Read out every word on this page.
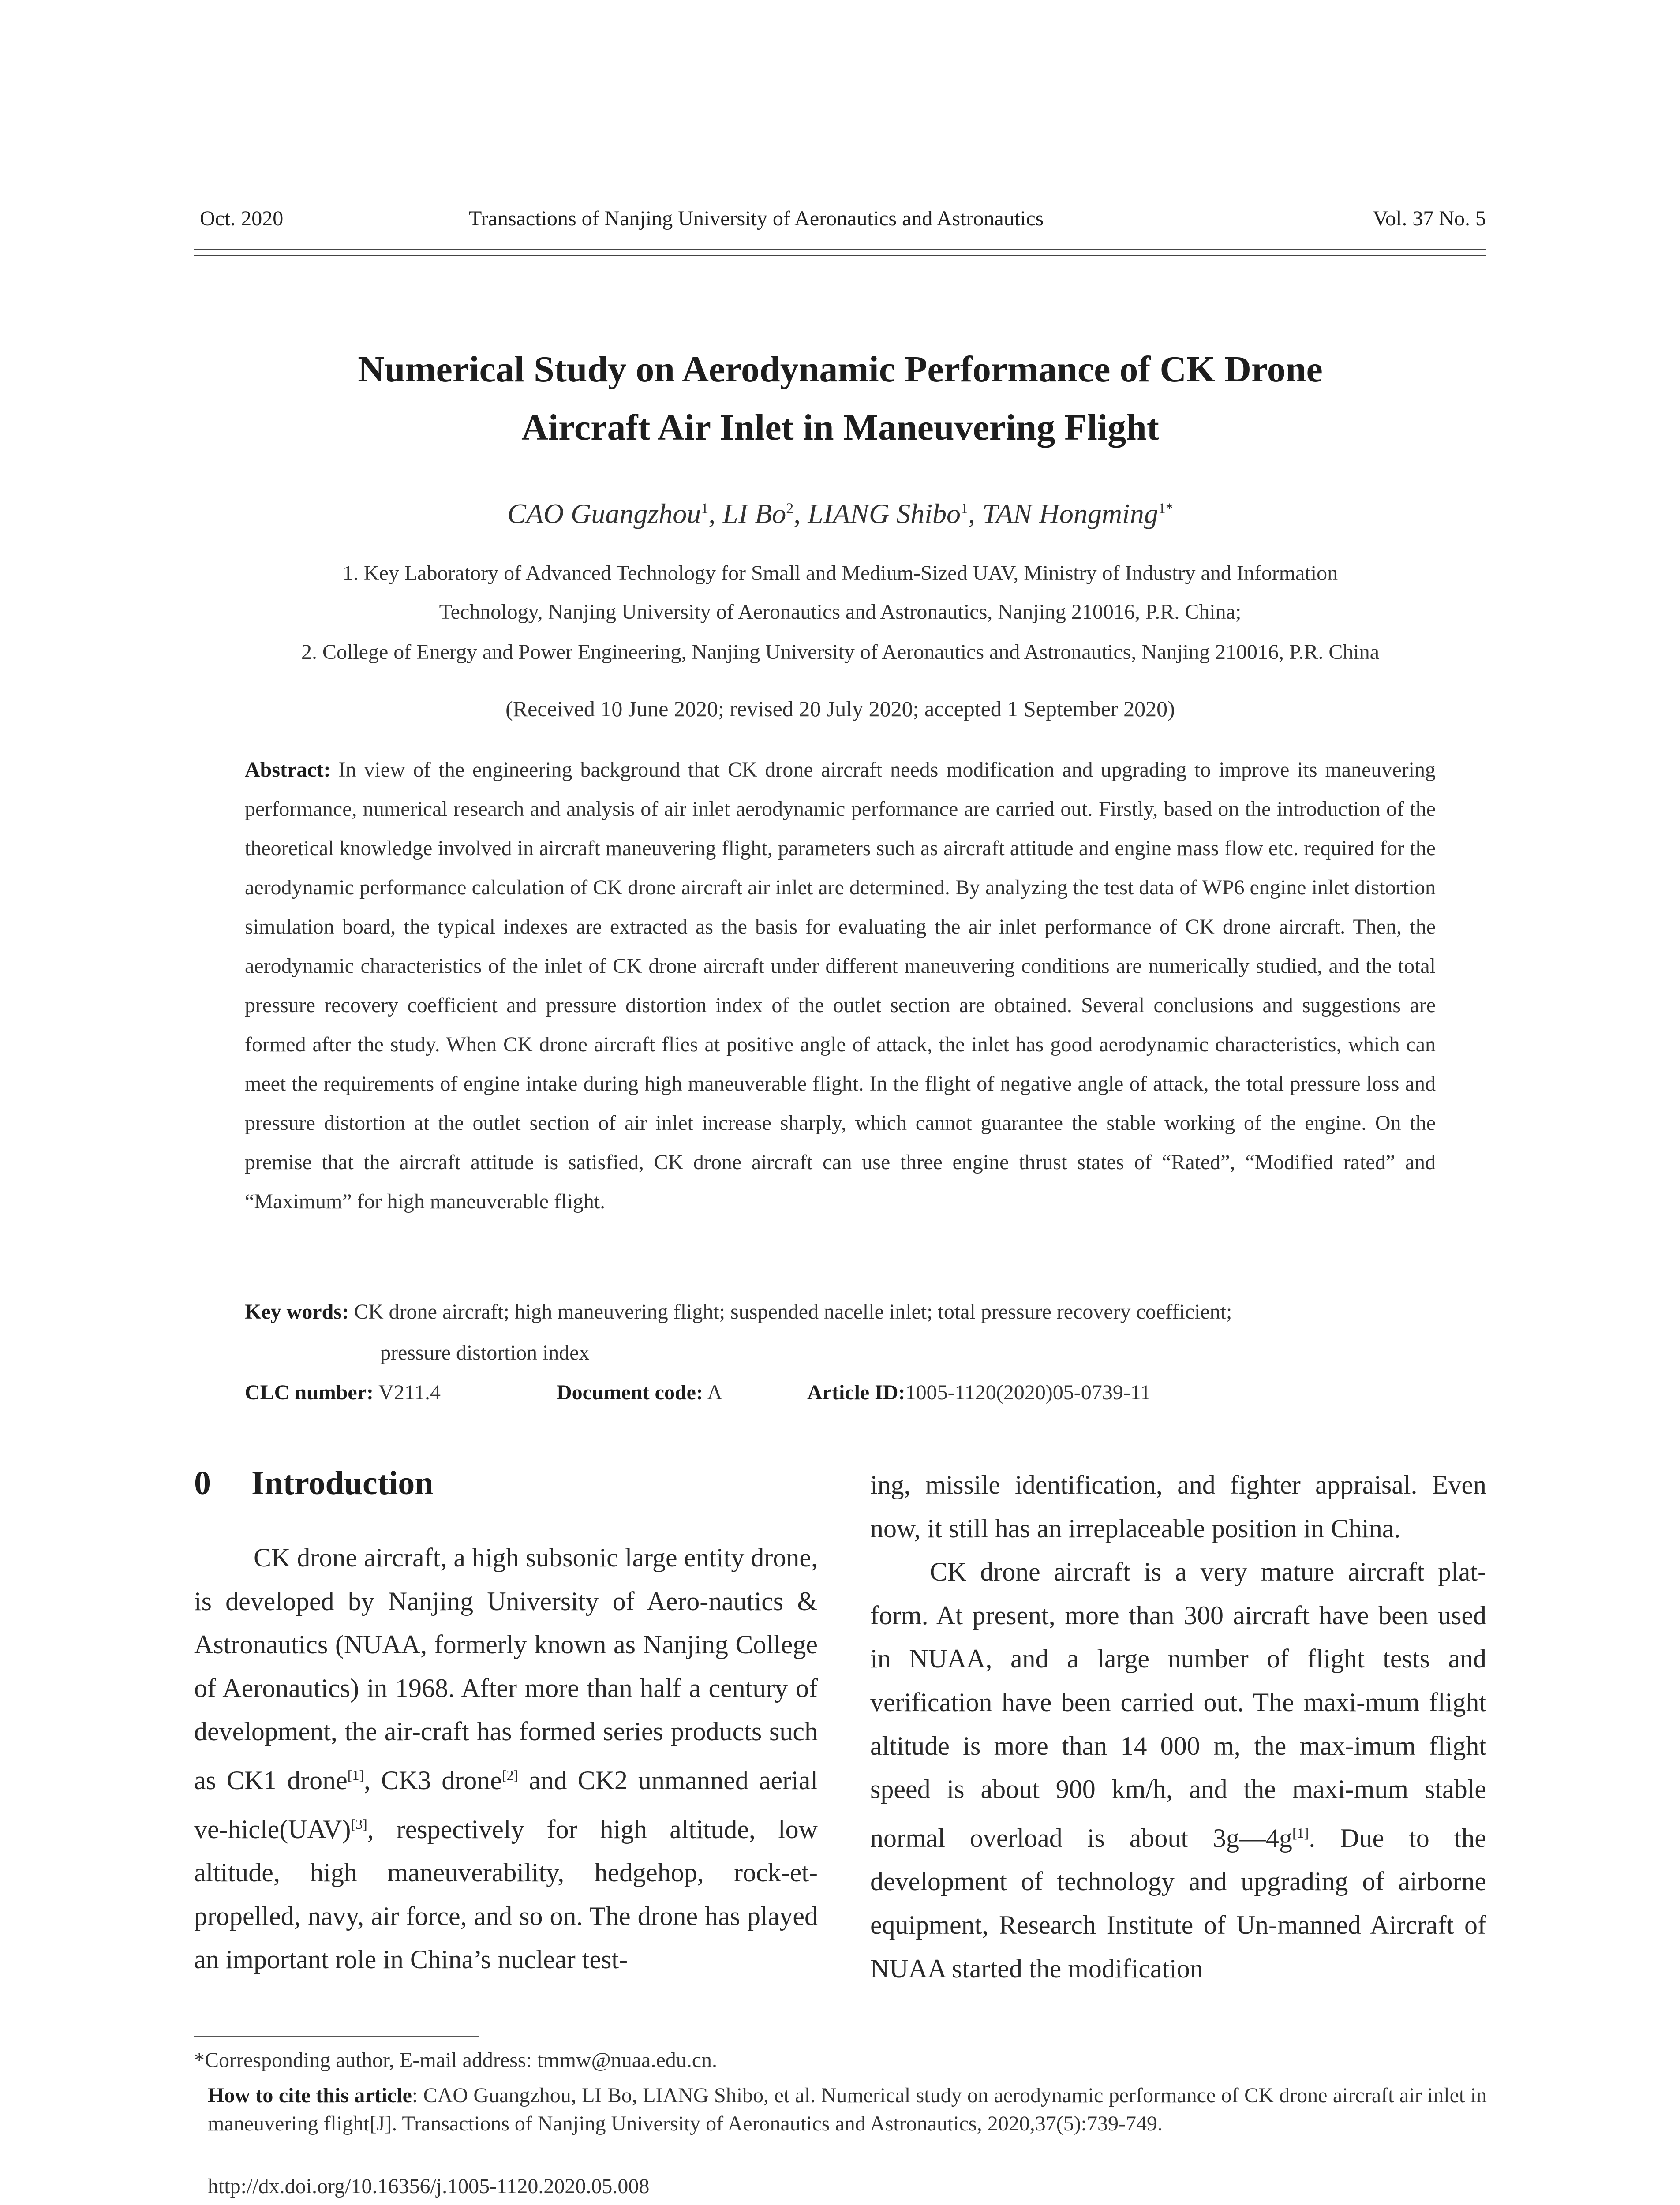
Oct. 2020	Transactions of Nanjing University of Aeronautics and Astronautics	Vol. 37 No. 5
Numerical Study on Aerodynamic Performance of CK Drone
Aircraft Air Inlet in Maneuvering Flight
CAO Guangzhou$^1$, LI Bo$^2$, LIANG Shibo$^1$, TAN Hongming$^{1*}$
1. Key Laboratory of Advanced Technology for Small and Medium-Sized UAV, Ministry of Industry and Information
Technology, Nanjing University of Aeronautics and Astronautics, Nanjing 210016, P.R. China;
2. College of Energy and Power Engineering, Nanjing University of Aeronautics and Astronautics, Nanjing 210016, P.R. China
(Received 10 June 2020; revised 20 July 2020; accepted 1 September 2020)
Abstract: In view of the engineering background that CK drone aircraft needs modification and upgrading to improve its maneuvering performance, numerical research and analysis of air inlet aerodynamic performance are carried out. Firstly, based on the introduction of the theoretical knowledge involved in aircraft maneuvering flight, parameters such as aircraft attitude and engine mass flow etc. required for the aerodynamic performance calculation of CK drone aircraft air inlet are determined. By analyzing the test data of WP6 engine inlet distortion simulation board, the typical indexes are extracted as the basis for evaluating the air inlet performance of CK drone aircraft. Then, the aerodynamic characteristics of the inlet of CK drone aircraft under different maneuvering conditions are numerically studied, and the total pressure recovery coefficient and pressure distortion index of the outlet section are obtained. Several conclusions and suggestions are formed after the study. When CK drone aircraft flies at positive angle of attack, the inlet has good aerodynamic characteristics, which can meet the requirements of engine intake during high maneuverable flight. In the flight of negative angle of attack, the total pressure loss and pressure distortion at the outlet section of air inlet increase sharply, which cannot guarantee the stable working of the engine. On the premise that the aircraft attitude is satisfied, CK drone aircraft can use three engine thrust states of “Rated”, “Modified rated” and “Maximum” for high maneuverable flight.
Key words: CK drone aircraft; high maneuvering flight; suspended nacelle inlet; total pressure recovery coefficient;
pressure distortion index
CLC number: V211.4	Document code: A	Article ID:1005-1120(2020)05-0739-11
0 Introduction

CK drone aircraft, a high subsonic large entity drone, is developed by Nanjing University of Aero-nautics & Astronautics (NUAA, formerly known as Nanjing College of Aeronautics) in 1968. After more than half a century of development, the air-craft has formed series products such as CK1 drone[1], CK3 drone[2] and CK2 unmanned aerial ve-hicle(UAV)[3], respectively for high altitude, low altitude, high maneuverability, hedgehop, rock-et-propelled, navy, air force, and so on. The drone has played an important role in China’s nuclear test-

ing, missile identification, and fighter appraisal. Even now, it still has an irreplaceable position in China.

CK drone aircraft is a very mature aircraft plat-form. At present, more than 300 aircraft have been used in NUAA, and a large number of flight tests and verification have been carried out. The maxi-mum flight altitude is more than 14 000 m, the max-imum flight speed is about 900 km/h, and the maxi-mum stable normal overload is about 3g—4g[1]. Due to the development of technology and upgrading of airborne equipment, Research Institute of Un-manned Aircraft of NUAA started the modification

*Corresponding author, E-mail address: tmmw@nuaa.edu.cn.
How to cite this article: CAO Guangzhou, LI Bo, LIANG Shibo, et al. Numerical study on aerodynamic performance of CK drone aircraft air inlet in maneuvering flight[J]. Transactions of Nanjing University of Aeronautics and Astronautics, 2020,37(5):739-749.
http://dx.doi.org/10.16356/j.1005-1120.2020.05.008
